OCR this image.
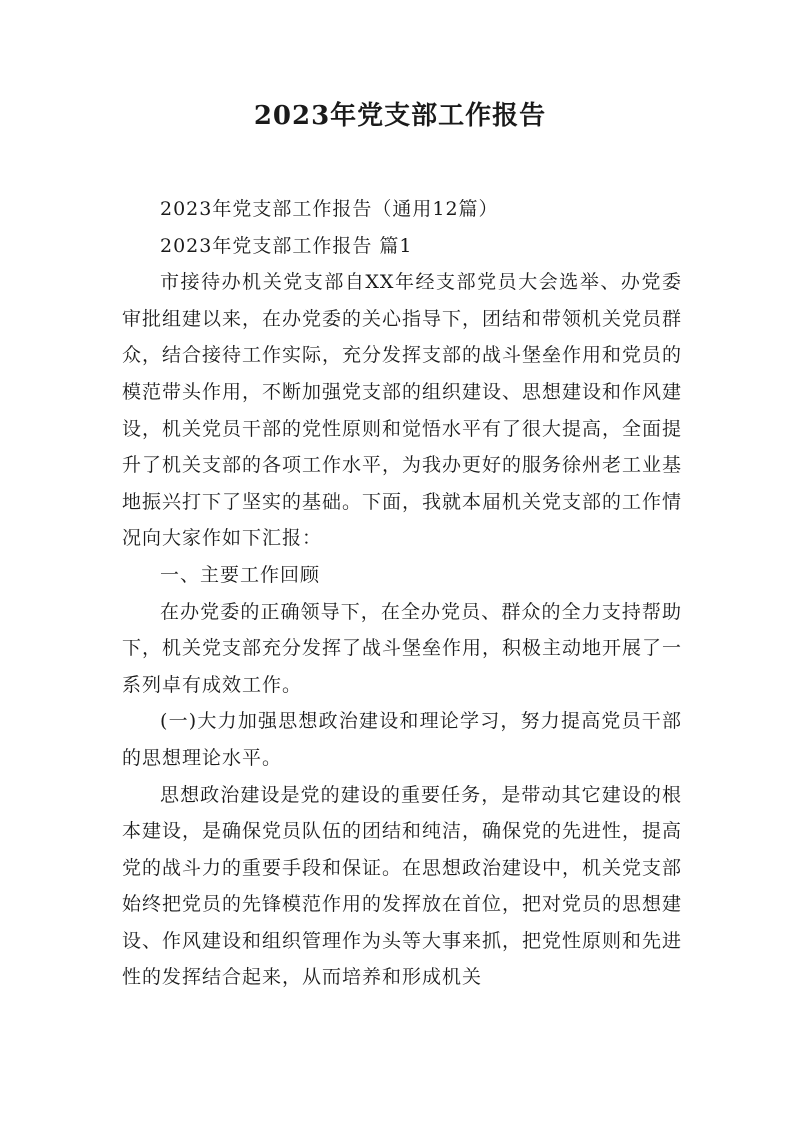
2023年党支部工作报告

2023年党支部工作报告（通用12篇）

2023年党支部工作报告 篇1

市接待办机关党支部自XX年经支部党员大会选举、办党委审批组建以来，在办党委的关心指导下，团结和带领机关党员群众，结合接待工作实际，充分发挥支部的战斗堡垒作用和党员的模范带头作用，不断加强党支部的组织建设、思想建设和作风建设，机关党员干部的党性原则和觉悟水平有了很大提高，全面提升了机关支部的各项工作水平，为我办更好的服务徐州老工业基地振兴打下了坚实的基础。下面，我就本届机关党支部的工作情况向大家作如下汇报：

一、主要工作回顾

在办党委的正确领导下，在全办党员、群众的全力支持帮助下，机关党支部充分发挥了战斗堡垒作用，积极主动地开展了一系列卓有成效工作。

(一)大力加强思想政治建设和理论学习，努力提高党员干部的思想理论水平。

思想政治建设是党的建设的重要任务，是带动其它建设的根本建设，是确保党员队伍的团结和纯洁，确保党的先进性，提高党的战斗力的重要手段和保证。在思想政治建设中，机关党支部始终把党员的先锋模范作用的发挥放在首位，把对党员的思想建设、作风建设和组织管理作为头等大事来抓，把党性原则和先进性的发挥结合起来，从而培养和形成机关
